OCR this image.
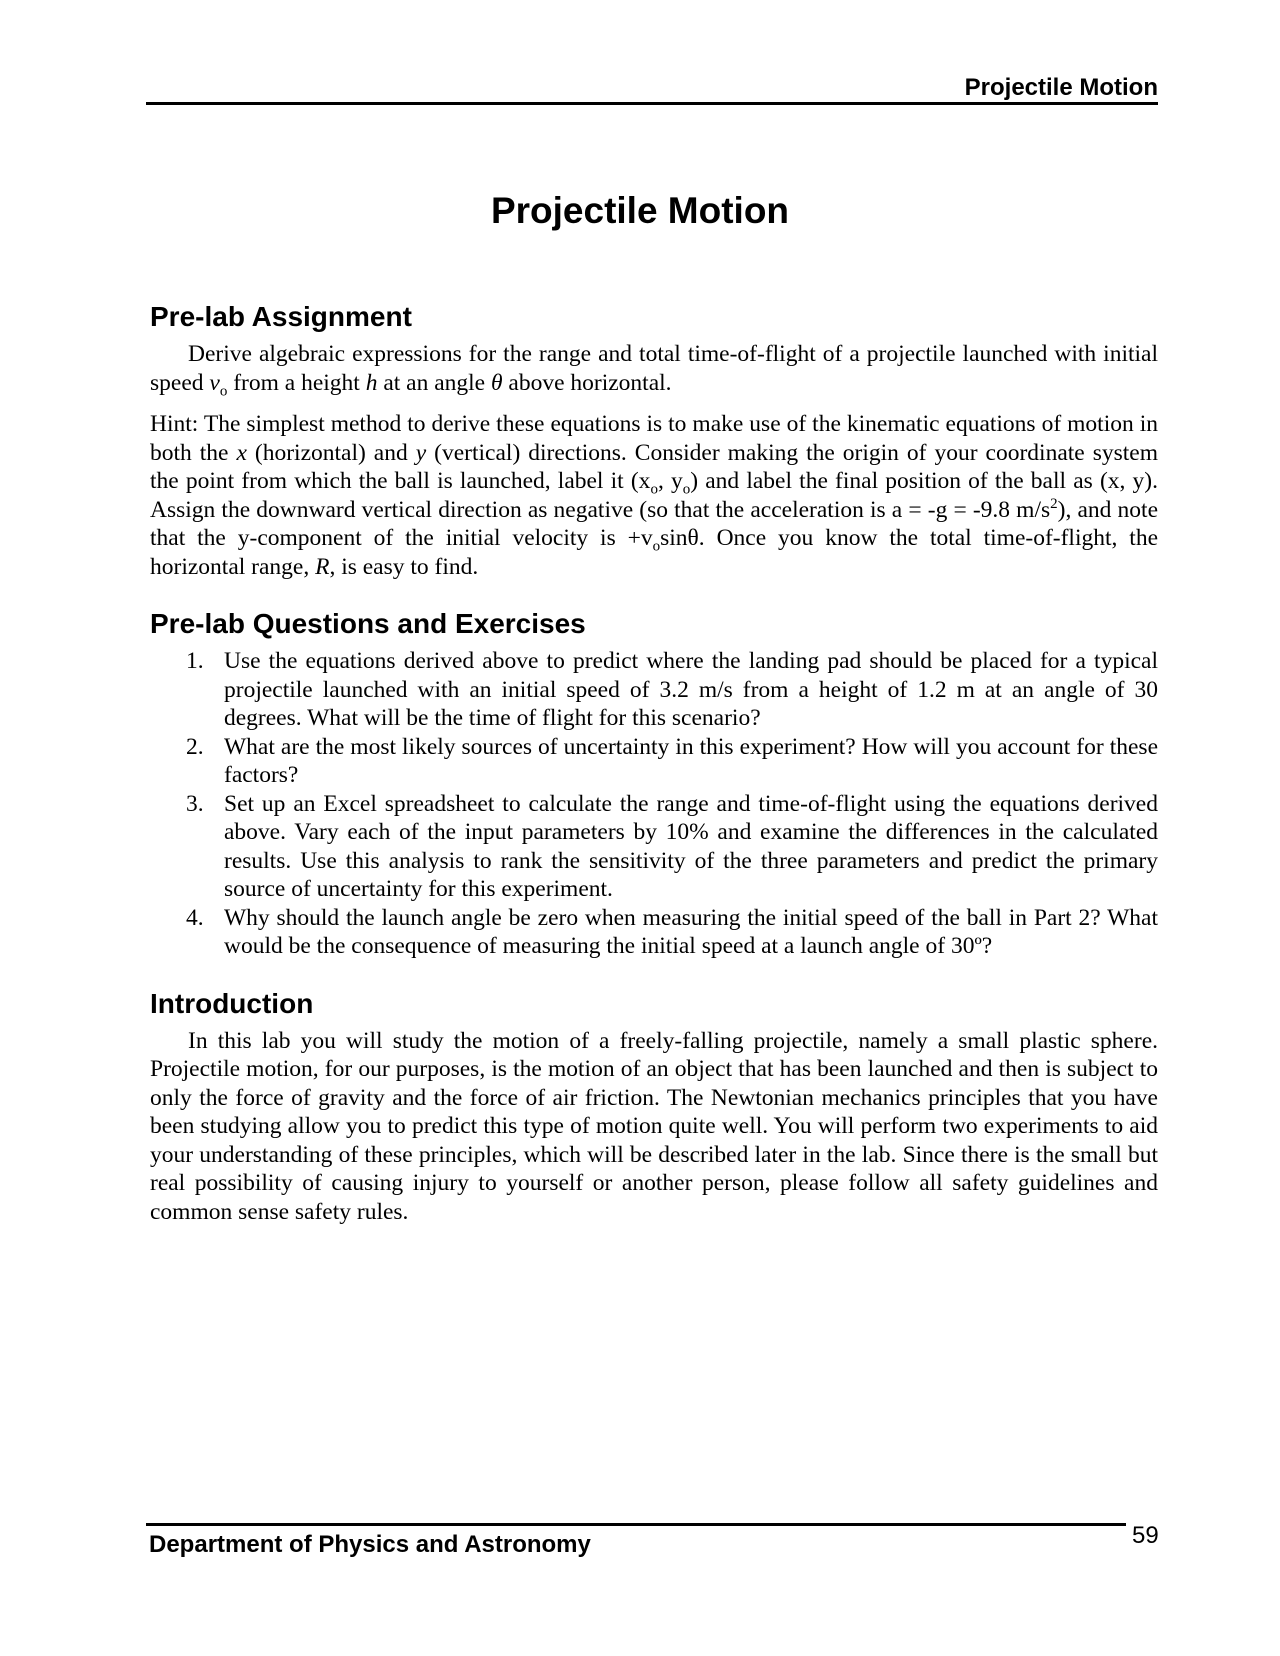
Projectile Motion
Projectile Motion
Pre-lab Assignment

Derive algebraic expressions for the range and total time-of-flight of a projectile launched with initial speed $v_o$ from a height h at an angle θ above horizontal.

Hint: The simplest method to derive these equations is to make use of the kinematic equations of motion in both the x (horizontal) and y (vertical) directions. Consider making the origin of your coordinate system the point from which the ball is launched, label it ($x_o$, $y_o$) and label the final position of the ball as (x, y). Assign the downward vertical direction as negative (so that the acceleration is a = -g = -9.8 $m/s^2$), and note that the y-component of the initial velocity is $+v_o\sin\theta$. Once you know the total time-of-flight, the horizontal range, R, is easy to find.

Pre-lab Questions and Exercises
1. Use the equations derived above to predict where the landing pad should be placed for a typical projectile launched with an initial speed of 3.2 m/s from a height of 1.2 m at an angle of 30 degrees. What will be the time of flight for this scenario?
2. What are the most likely sources of uncertainty in this experiment? How will you account for these factors?
3. Set up an Excel spreadsheet to calculate the range and time-of-flight using the equations derived above. Vary each of the input parameters by 10% and examine the differences in the calculated results. Use this analysis to rank the sensitivity of the three parameters and predict the primary source of uncertainty for this experiment.
4. Why should the launch angle be zero when measuring the initial speed of the ball in Part 2? What would be the consequence of measuring the initial speed at a launch angle of 30º?
Introduction

In this lab you will study the motion of a freely-falling projectile, namely a small plastic sphere. Projectile motion, for our purposes, is the motion of an object that has been launched and then is subject to only the force of gravity and the force of air friction. The Newtonian mechanics principles that you have been studying allow you to predict this type of motion quite well. You will perform two experiments to aid your understanding of these principles, which will be described later in the lab. Since there is the small but real possibility of causing injury to yourself or another person, please follow all safety guidelines and common sense safety rules.

Department of Physics and Astronomy	59
